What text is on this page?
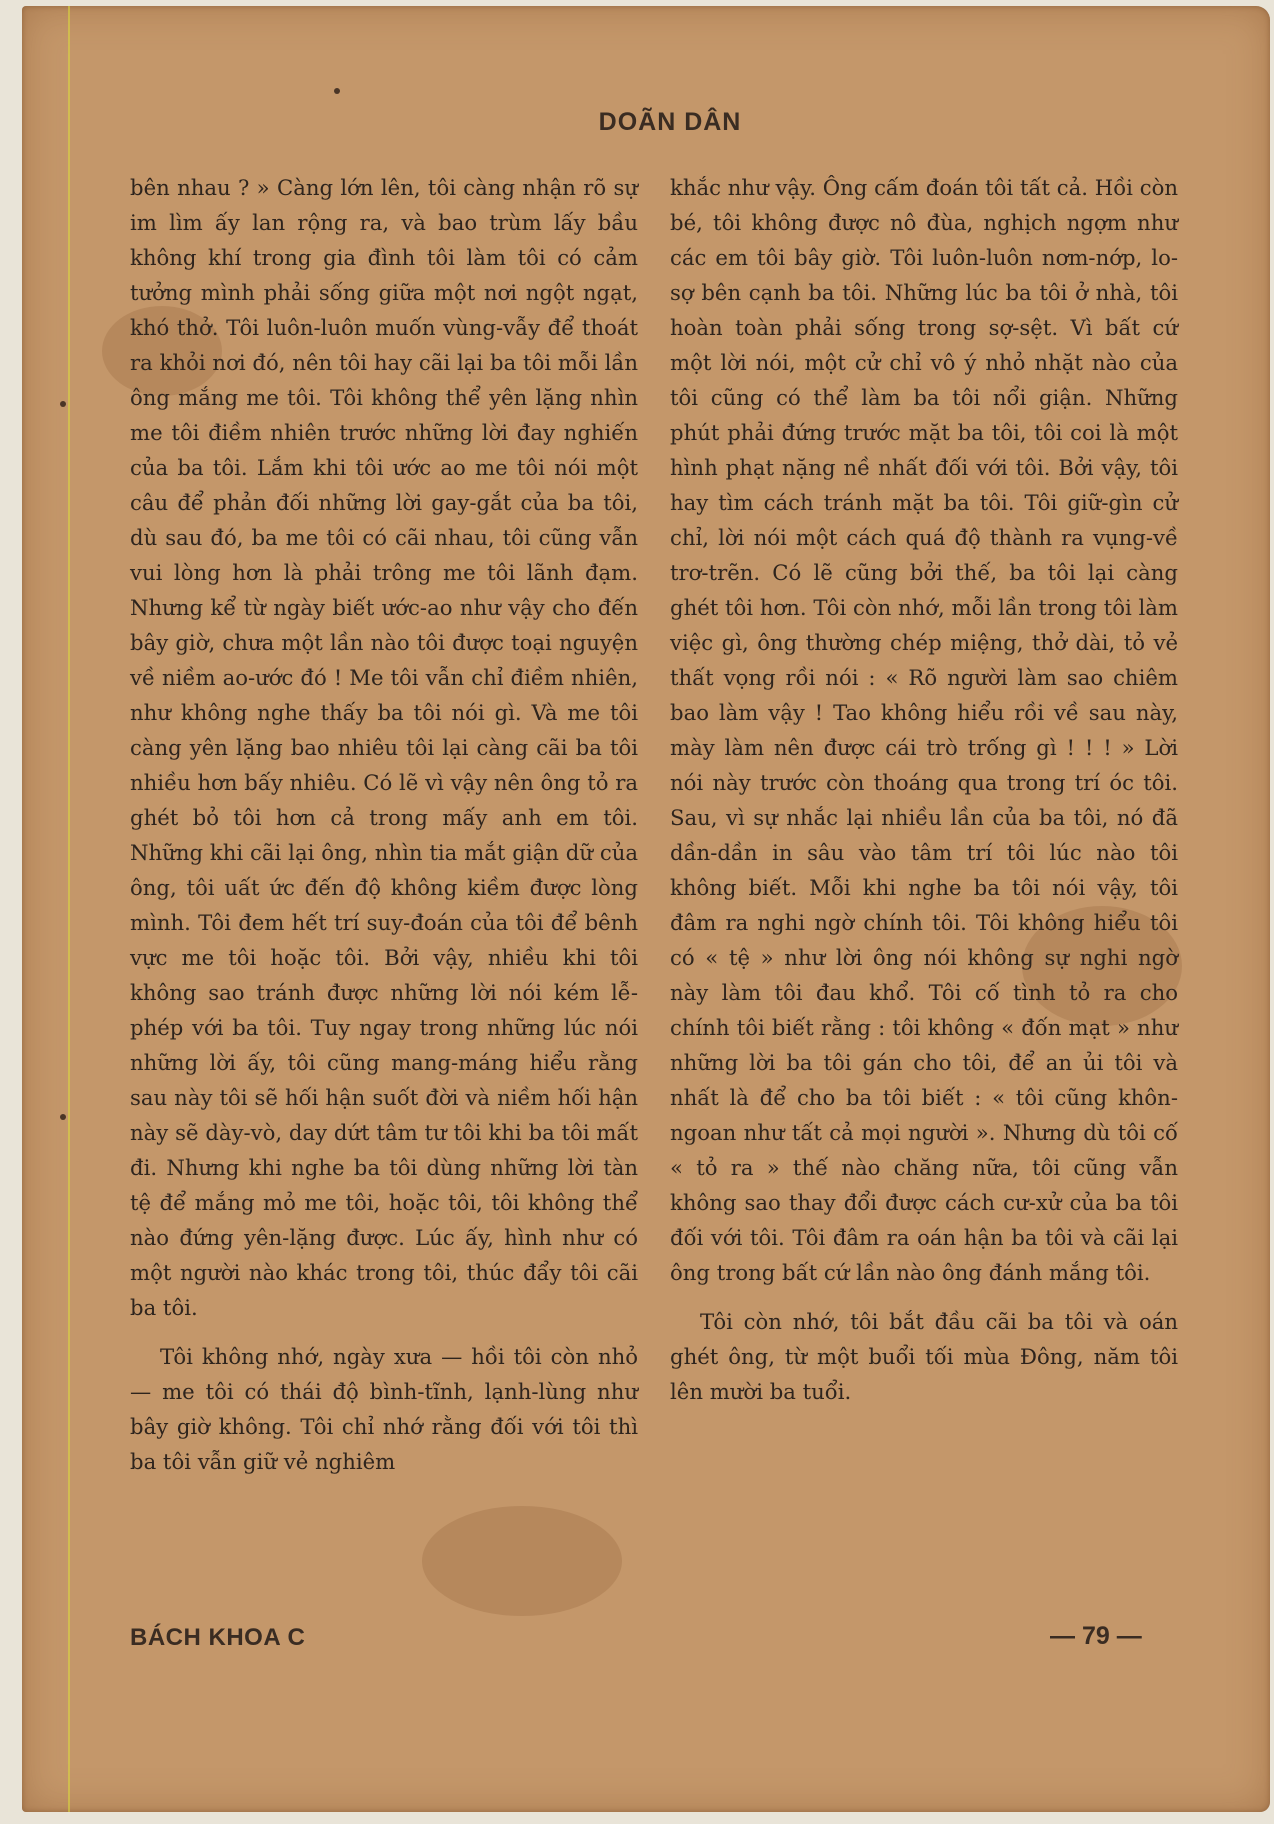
DOÃN DÂN

bên nhau ? » Càng lớn lên, tôi càng nhận rõ sự im lìm ấy lan rộng ra, và bao trùm lấy bầu không khí trong gia đình tôi làm tôi có cảm tưởng mình phải sống giữa một nơi ngột ngạt, khó thở. Tôi luôn-luôn muốn vùng-vẫy để thoát ra khỏi nơi đó, nên tôi hay cãi lại ba tôi mỗi lần ông mắng me tôi. Tôi không thể yên lặng nhìn me tôi điềm nhiên trước những lời đay nghiến của ba tôi. Lắm khi tôi ước ao me tôi nói một câu để phản đối những lời gay-gắt của ba tôi, dù sau đó, ba me tôi có cãi nhau, tôi cũng vẫn vui lòng hơn là phải trông me tôi lãnh đạm. Nhưng kể từ ngày biết ước-ao như vậy cho đến bây giờ, chưa một lần nào tôi được toại nguyện về niềm ao-ước đó ! Me tôi vẫn chỉ điềm nhiên, như không nghe thấy ba tôi nói gì. Và me tôi càng yên lặng bao nhiêu tôi lại càng cãi ba tôi nhiều hơn bấy nhiêu. Có lẽ vì vậy nên ông tỏ ra ghét bỏ tôi hơn cả trong mấy anh em tôi. Những khi cãi lại ông, nhìn tia mắt giận dữ của ông, tôi uất ức đến độ không kiềm được lòng mình. Tôi đem hết trí suy-đoán của tôi để bênh vực me tôi hoặc tôi. Bởi vậy, nhiều khi tôi không sao tránh được những lời nói kém lễ-phép với ba tôi. Tuy ngay trong những lúc nói những lời ấy, tôi cũng mang-máng hiểu rằng sau này tôi sẽ hối hận suốt đời và niềm hối hận này sẽ dày-vò, day dứt tâm tư tôi khi ba tôi mất đi. Nhưng khi nghe ba tôi dùng những lời tàn tệ để mắng mỏ me tôi, hoặc tôi, tôi không thể nào đứng yên-lặng được. Lúc ấy, hình như có một người nào khác trong tôi, thúc đẩy tôi cãi ba tôi.

Tôi không nhớ, ngày xưa — hồi tôi còn nhỏ — me tôi có thái độ bình-tĩnh, lạnh-lùng như bây giờ không. Tôi chỉ nhớ rằng đối với tôi thì ba tôi vẫn giữ vẻ nghiêm

khắc như vậy. Ông cấm đoán tôi tất cả. Hồi còn bé, tôi không được nô đùa, nghịch ngợm như các em tôi bây giờ. Tôi luôn-luôn nơm-nớp, lo-sợ bên cạnh ba tôi. Những lúc ba tôi ở nhà, tôi hoàn toàn phải sống trong sợ-sệt. Vì bất cứ một lời nói, một cử chỉ vô ý nhỏ nhặt nào của tôi cũng có thể làm ba tôi nổi giận. Những phút phải đứng trước mặt ba tôi, tôi coi là một hình phạt nặng nề nhất đối với tôi. Bởi vậy, tôi hay tìm cách tránh mặt ba tôi. Tôi giữ-gìn cử chỉ, lời nói một cách quá độ thành ra vụng-về trơ-trẽn. Có lẽ cũng bởi thế, ba tôi lại càng ghét tôi hơn. Tôi còn nhớ, mỗi lần trong tôi làm việc gì, ông thường chép miệng, thở dài, tỏ vẻ thất vọng rồi nói : « Rõ người làm sao chiêm bao làm vậy ! Tao không hiểu rồi về sau này, mày làm nên được cái trò trống gì ! ! ! » Lời nói này trước còn thoáng qua trong trí óc tôi. Sau, vì sự nhắc lại nhiều lần của ba tôi, nó đã dần-dần in sâu vào tâm trí tôi lúc nào tôi không biết. Mỗi khi nghe ba tôi nói vậy, tôi đâm ra nghi ngờ chính tôi. Tôi không hiểu tôi có « tệ » như lời ông nói không sự nghi ngờ này làm tôi đau khổ. Tôi cố tình tỏ ra cho chính tôi biết rằng : tôi không « đốn mạt » như những lời ba tôi gán cho tôi, để an ủi tôi và nhất là để cho ba tôi biết : « tôi cũng khôn-ngoan như tất cả mọi người ». Nhưng dù tôi cố « tỏ ra » thế nào chăng nữa, tôi cũng vẫn không sao thay đổi được cách cư-xử của ba tôi đối với tôi. Tôi đâm ra oán hận ba tôi và cãi lại ông trong bất cứ lần nào ông đánh mắng tôi.

Tôi còn nhớ, tôi bắt đầu cãi ba tôi và oán ghét ông, từ một buổi tối mùa Đông, năm tôi lên mười ba tuổi.

BÁCH KHOA C	— 79 —
